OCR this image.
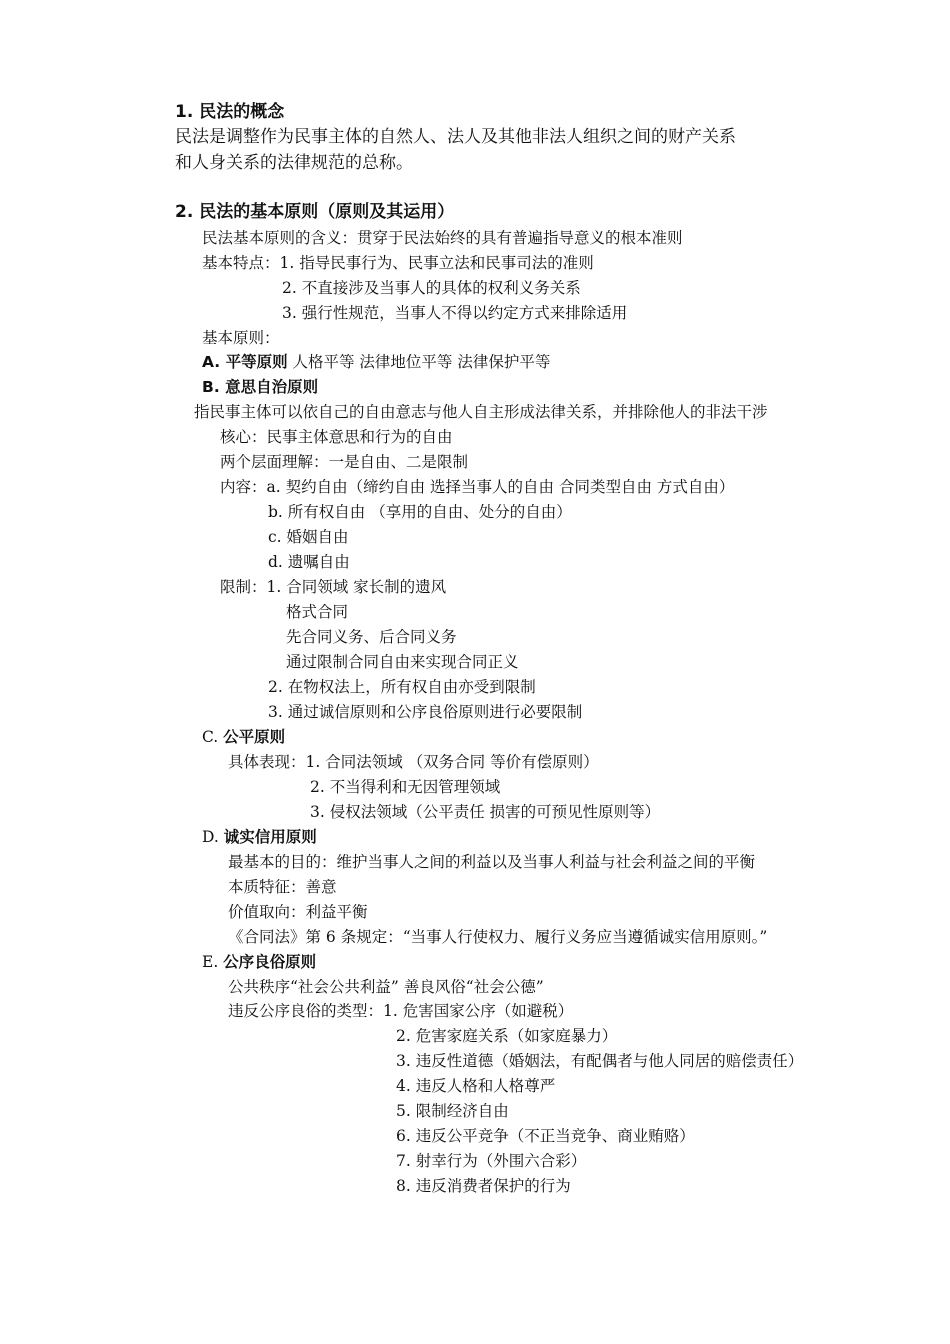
1. 民法的概念
民法是调整作为民事主体的自然人、法人及其他非法人组织之间的财产关系
和人身关系的法律规范的总称。
2. 民法的基本原则（原则及其运用）
民法基本原则的含义：贯穿于民法始终的具有普遍指导意义的根本准则
基本特点：1. 指导民事行为、民事立法和民事司法的准则
2. 不直接涉及当事人的具体的权利义务关系
3. 强行性规范，当事人不得以约定方式来排除适用
基本原则：
A. 平等原则 人格平等 法律地位平等 法律保护平等
B. 意思自治原则
指民事主体可以依自己的自由意志与他人自主形成法律关系，并排除他人的非法干涉
核心：民事主体意思和行为的自由
两个层面理解：一是自由、二是限制
内容：a. 契约自由（缔约自由 选择当事人的自由 合同类型自由 方式自由）
b. 所有权自由 （享用的自由、处分的自由）
c. 婚姻自由
d. 遗嘱自由
限制：1. 合同领域 家长制的遗风
格式合同
先合同义务、后合同义务
通过限制合同自由来实现合同正义
2. 在物权法上，所有权自由亦受到限制
3. 通过诚信原则和公序良俗原则进行必要限制
C. 公平原则
具体表现：1. 合同法领域 （双务合同 等价有偿原则）
2. 不当得利和无因管理领域
3. 侵权法领域（公平责任 损害的可预见性原则等）
D. 诚实信用原则
最基本的目的：维护当事人之间的利益以及当事人利益与社会利益之间的平衡
本质特征：善意
价值取向：利益平衡
《合同法》第 6 条规定：“当事人行使权力、履行义务应当遵循诚实信用原则。”
E. 公序良俗原则
公共秩序“社会公共利益” 善良风俗“社会公德”
违反公序良俗的类型：1. 危害国家公序（如避税）
2. 危害家庭关系（如家庭暴力）
3. 违反性道德（婚姻法，有配偶者与他人同居的赔偿责任）
4. 违反人格和人格尊严
5. 限制经济自由
6. 违反公平竞争（不正当竞争、商业贿赂）
7. 射幸行为（外围六合彩）
8. 违反消费者保护的行为
